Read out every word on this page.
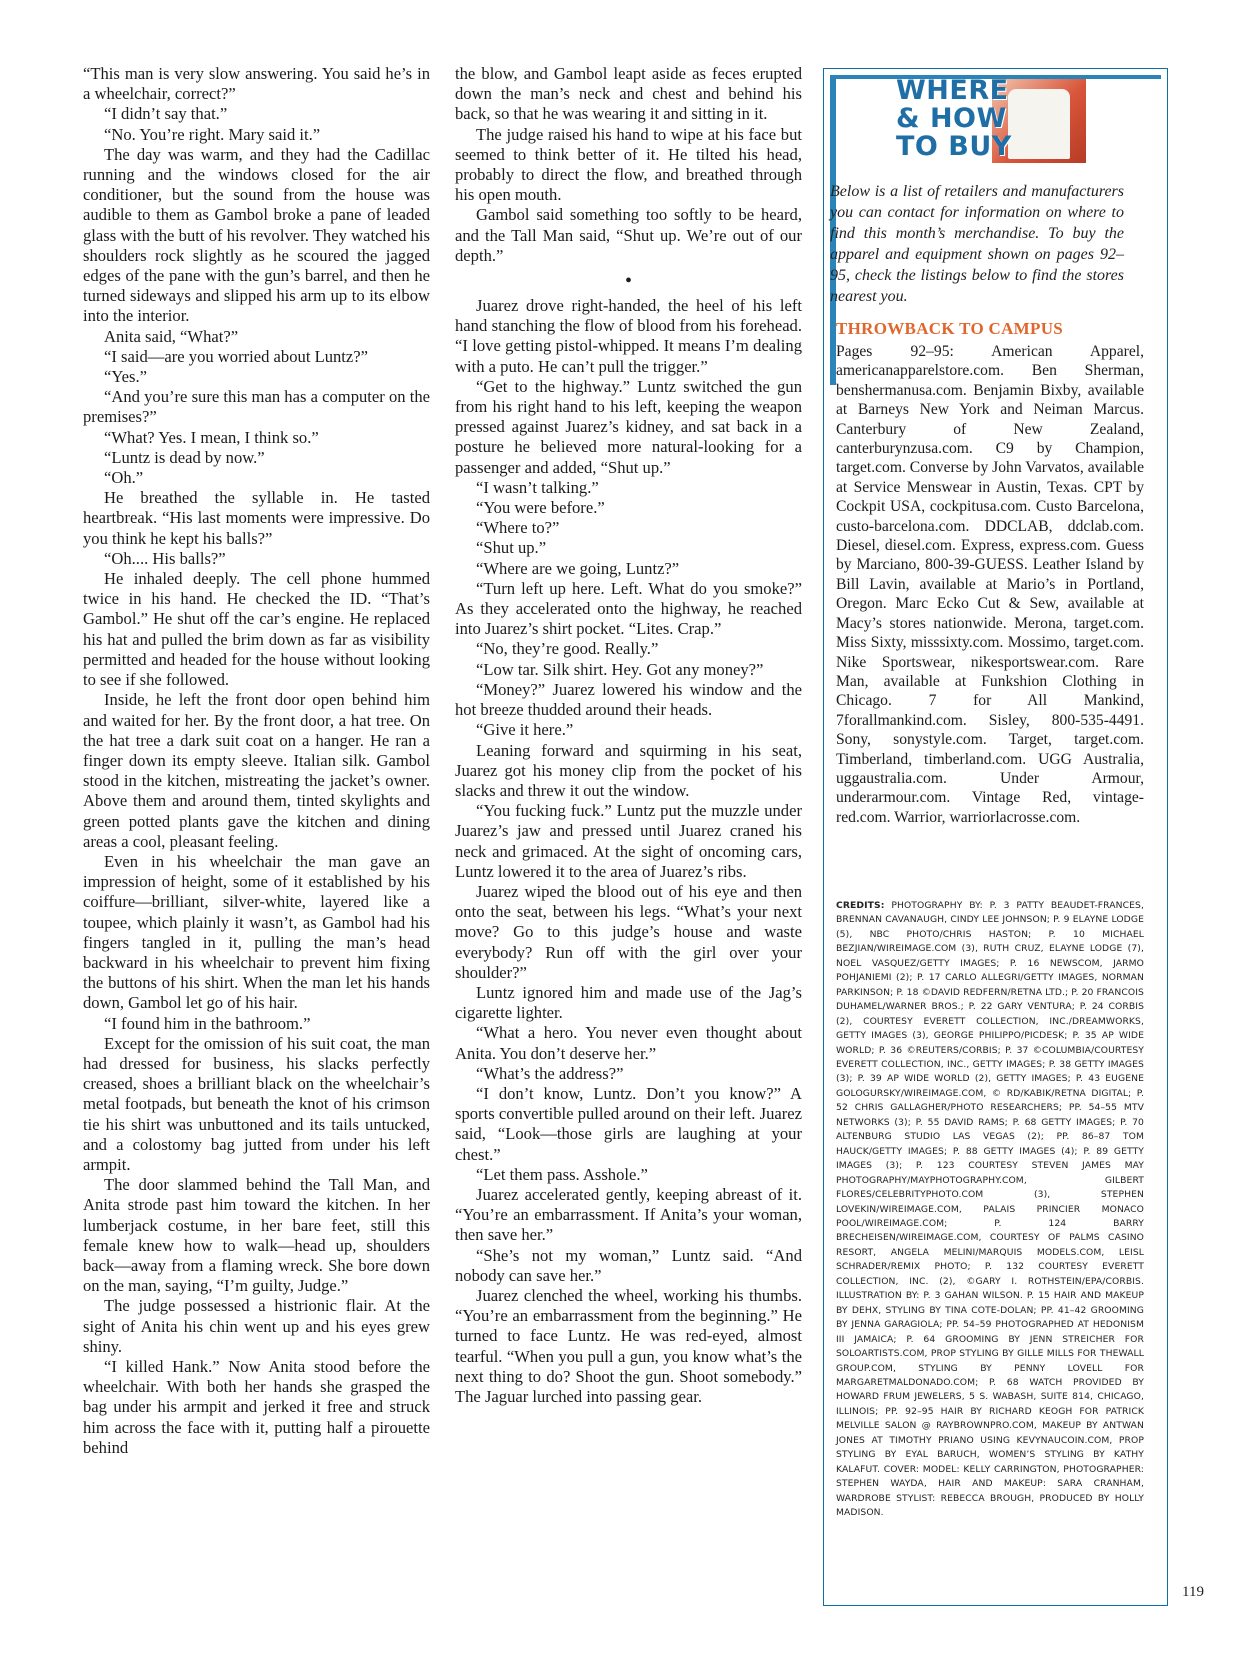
“This man is very slow answering. You said he’s in a wheelchair, correct?”

“I didn’t say that.”

“No. You’re right. Mary said it.”

The day was warm, and they had the Cadillac running and the windows closed for the air conditioner, but the sound from the house was audible to them as Gambol broke a pane of leaded glass with the butt of his revolver. They watched his shoulders rock slightly as he scoured the jagged edges of the pane with the gun’s barrel, and then he turned sideways and slipped his arm up to its elbow into the interior.

Anita said, “What?”

“I said—are you worried about Luntz?”

“Yes.”

“And you’re sure this man has a computer on the premises?”

“What? Yes. I mean, I think so.”

“Luntz is dead by now.”

“Oh.”

He breathed the syllable in. He tasted heartbreak. “His last moments were impressive. Do you think he kept his balls?”

“Oh.... His balls?”

He inhaled deeply. The cell phone hummed twice in his hand. He checked the ID. “That’s Gambol.” He shut off the car’s engine. He replaced his hat and pulled the brim down as far as visibility permitted and headed for the house without looking to see if she followed.

Inside, he left the front door open behind him and waited for her. By the front door, a hat tree. On the hat tree a dark suit coat on a hanger. He ran a finger down its empty sleeve. Italian silk. Gambol stood in the kitchen, mistreating the jacket’s owner. Above them and around them, tinted skylights and green potted plants gave the kitchen and dining areas a cool, pleasant feeling.

Even in his wheelchair the man gave an impression of height, some of it established by his coiffure—brilliant, silver-white, layered like a toupee, which plainly it wasn’t, as Gambol had his fingers tangled in it, pulling the man’s head backward in his wheelchair to prevent him fixing the buttons of his shirt. When the man let his hands down, Gambol let go of his hair.

“I found him in the bathroom.”

Except for the omission of his suit coat, the man had dressed for business, his slacks perfectly creased, shoes a brilliant black on the wheelchair’s metal footpads, but beneath the knot of his crimson tie his shirt was unbuttoned and its tails untucked, and a colostomy bag jutted from under his left armpit.

The door slammed behind the Tall Man, and Anita strode past him toward the kitchen. In her lumberjack costume, in her bare feet, still this female knew how to walk—head up, shoulders back—away from a flaming wreck. She bore down on the man, saying, “I’m guilty, Judge.”

The judge possessed a histrionic flair. At the sight of Anita his chin went up and his eyes grew shiny.

“I killed Hank.” Now Anita stood before the wheelchair. With both her hands she grasped the bag under his armpit and jerked it free and struck him across the face with it, putting half a pirouette behind

the blow, and Gambol leapt aside as feces erupted down the man’s neck and chest and behind his back, so that he was wearing it and sitting in it.

The judge raised his hand to wipe at his face but seemed to think better of it. He tilted his head, probably to direct the flow, and breathed through his open mouth.

Gambol said something too softly to be heard, and the Tall Man said, “Shut up. We’re out of our depth.”

•

Juarez drove right-handed, the heel of his left hand stanching the flow of blood from his forehead. “I love getting pistol-whipped. It means I’m dealing with a puto. He can’t pull the trigger.”

“Get to the highway.” Luntz switched the gun from his right hand to his left, keeping the weapon pressed against Juarez’s kidney, and sat back in a posture he believed more natural-looking for a passenger and added, “Shut up.”

“I wasn’t talking.”

“You were before.”

“Where to?”

“Shut up.”

“Where are we going, Luntz?”

“Turn left up here. Left. What do you smoke?” As they accelerated onto the highway, he reached into Juarez’s shirt pocket. “Lites. Crap.”

“No, they’re good. Really.”

“Low tar. Silk shirt. Hey. Got any money?”

“Money?” Juarez lowered his window and the hot breeze thudded around their heads.

“Give it here.”

Leaning forward and squirming in his seat, Juarez got his money clip from the pocket of his slacks and threw it out the window.

“You fucking fuck.” Luntz put the muzzle under Juarez’s jaw and pressed until Juarez craned his neck and grimaced. At the sight of oncoming cars, Luntz lowered it to the area of Juarez’s ribs.

Juarez wiped the blood out of his eye and then onto the seat, between his legs. “What’s your next move? Go to this judge’s house and waste everybody? Run off with the girl over your shoulder?”

Luntz ignored him and made use of the Jag’s cigarette lighter.

“What a hero. You never even thought about Anita. You don’t deserve her.”

“What’s the address?”

“I don’t know, Luntz. Don’t you know?” A sports convertible pulled around on their left. Juarez said, “Look—those girls are laughing at your chest.”

“Let them pass. Asshole.”

Juarez accelerated gently, keeping abreast of it. “You’re an embarrassment. If Anita’s your woman, then save her.”

“She’s not my woman,” Luntz said. “And nobody can save her.”

Juarez clenched the wheel, working his thumbs. “You’re an embarrassment from the beginning.” He turned to face Luntz. He was red-eyed, almost tearful. “When you pull a gun, you know what’s the next thing to do? Shoot the gun. Shoot somebody.” The Jaguar lurched into passing gear.

WHERE
& HOW
TO BUY
Below is a list of retailers and manufacturers you can contact for information on where to find this month’s merchandise. To buy the apparel and equipment shown on pages 92–95, check the listings below to find the stores nearest you.
THROWBACK TO CAMPUS
Pages 92–95: American Apparel, americanapparelstore.com. Ben Sherman, benshermanusa.com. Benjamin Bixby, available at Barneys New York and Neiman Marcus. Canterbury of New Zealand, canterburynzusa.com. C9 by Champion, target.com. Converse by John Varvatos, available at Service Menswear in Austin, Texas. CPT by Cockpit USA, cockpitusa.com. Custo Barcelona, custo-barcelona.com. DDCLAB, ddclab.com. Diesel, diesel.com. Express, express.com. Guess by Marciano, 800-39-GUESS. Leather Island by Bill Lavin, available at Mario’s in Portland, Oregon. Marc Ecko Cut & Sew, available at Macy’s stores nationwide. Merona, target.com. Miss Sixty, misssixty.com. Mossimo, target.com. Nike Sportswear, nikesportswear.com. Rare Man, available at Funkshion Clothing in Chicago. 7 for All Mankind, 7forallmankind.com. Sisley, 800-535-4491. Sony, sonystyle.com. Target, target.com. Timberland, timberland.com. UGG Australia, uggaustralia.com. Under Armour, underarmour.com. Vintage Red, vintage-red.com. Warrior, warriorlacrosse.com.
CREDITS: PHOTOGRAPHY BY: P. 3 PATTY BEAUDET-FRANCES, BRENNAN CAVANAUGH, CINDY LEE JOHNSON; P. 9 ELAYNE LODGE (5), NBC PHOTO/CHRIS HASTON; P. 10 MICHAEL BEZJIAN/WIREIMAGE.COM (3), RUTH CRUZ, ELAYNE LODGE (7), NOEL VASQUEZ/GETTY IMAGES; P. 16 NEWSCOM, JARMO POHJANIEMI (2); P. 17 CARLO ALLEGRI/GETTY IMAGES, NORMAN PARKINSON; P. 18 ©DAVID REDFERN/RETNA LTD.; P. 20 FRANCOIS DUHAMEL/WARNER BROS.; P. 22 GARY VENTURA; P. 24 CORBIS (2), COURTESY EVERETT COLLECTION, INC./DREAMWORKS, GETTY IMAGES (3), GEORGE PHILIPPO/PICDESK; P. 35 AP WIDE WORLD; P. 36 ©REUTERS/CORBIS; P. 37 ©COLUMBIA/COURTESY EVERETT COLLECTION, INC., GETTY IMAGES; P. 38 GETTY IMAGES (3); P. 39 AP WIDE WORLD (2), GETTY IMAGES; P. 43 EUGENE GOLOGURSKY/WIREIMAGE.COM, © RD/KABIK/RETNA DIGITAL; P. 52 CHRIS GALLAGHER/PHOTO RESEARCHERS; PP. 54–55 MTV NETWORKS (3); P. 55 DAVID RAMS; P. 68 GETTY IMAGES; P. 70 ALTENBURG STUDIO LAS VEGAS (2); PP. 86–87 TOM HAUCK/GETTY IMAGES; P. 88 GETTY IMAGES (4); P. 89 GETTY IMAGES (3); P. 123 COURTESY STEVEN JAMES MAY PHOTOGRAPHY/MAYPHOTOGRAPHY.COM, GILBERT FLORES/CELEBRITYPHOTO.COM (3), STEPHEN LOVEKIN/WIREIMAGE.COM, PALAIS PRINCIER MONACO POOL/WIREIMAGE.COM; P. 124 BARRY BRECHEISEN/WIREIMAGE.COM, COURTESY OF PALMS CASINO RESORT, ANGELA MELINI/MARQUIS MODELS.COM, LEISL SCHRADER/REMIX PHOTO; P. 132 COURTESY EVERETT COLLECTION, INC. (2), ©GARY I. ROTHSTEIN/EPA/CORBIS. ILLUSTRATION BY: P. 3 GAHAN WILSON. P. 15 HAIR AND MAKEUP BY DEHX, STYLING BY TINA COTE-DOLAN; PP. 41–42 GROOMING BY JENNA GARAGIOLA; PP. 54–59 PHOTOGRAPHED AT HEDONISM III JAMAICA; P. 64 GROOMING BY JENN STREICHER FOR SOLOARTISTS.COM, PROP STYLING BY GILLE MILLS FOR THEWALL GROUP.COM, STYLING BY PENNY LOVELL FOR MARGARETMALDONADO.COM; P. 68 WATCH PROVIDED BY HOWARD FRUM JEWELERS, 5 S. WABASH, SUITE 814, CHICAGO, ILLINOIS; PP. 92–95 HAIR BY RICHARD KEOGH FOR PATRICK MELVILLE SALON @ RAYBROWNPRO.COM, MAKEUP BY ANTWAN JONES AT TIMOTHY PRIANO USING KEVYNAUCOIN.COM, PROP STYLING BY EYAL BARUCH, WOMEN’S STYLING BY KATHY KALAFUT. COVER: MODEL: KELLY CARRINGTON, PHOTOGRAPHER: STEPHEN WAYDA, HAIR AND MAKEUP: SARA CRANHAM, WARDROBE STYLIST: REBECCA BROUGH, PRODUCED BY HOLLY MADISON.
119
